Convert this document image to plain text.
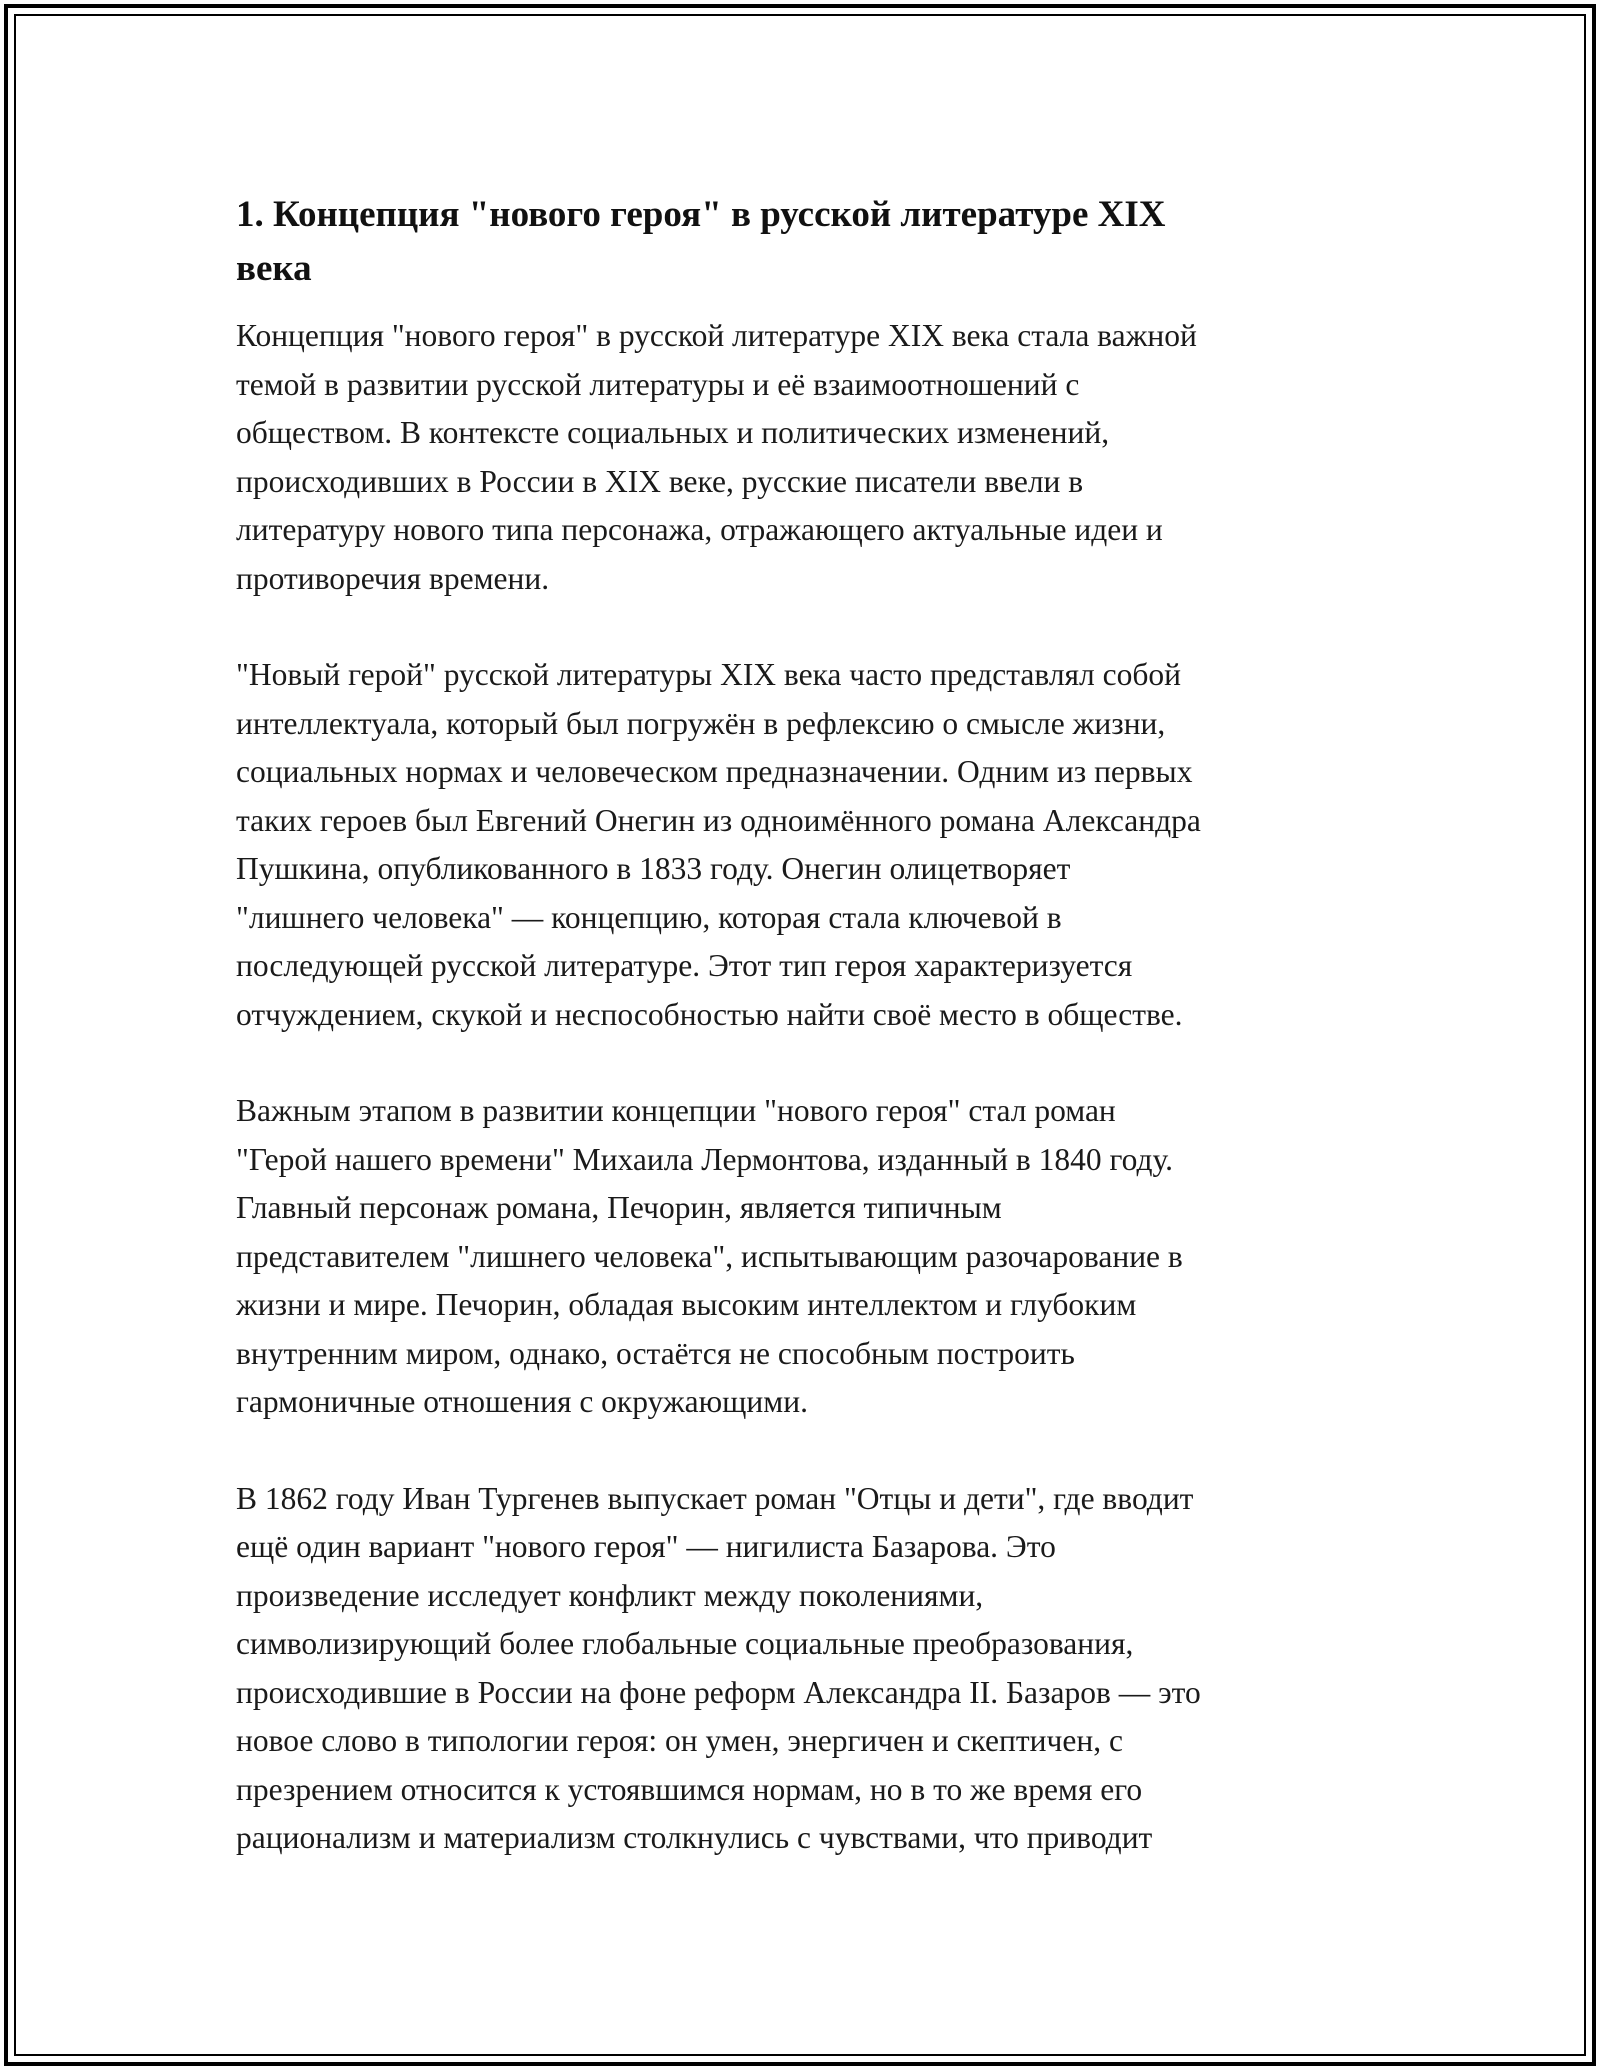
1. Концепция "нового героя" в русской литературе XIX
века

Концепция "нового героя" в русской литературе XIX века стала важной
темой в развитии русской литературы и её взаимоотношений с
обществом. В контексте социальных и политических изменений,
происходивших в России в XIX веке, русские писатели ввели в
литературу нового типа персонажа, отражающего актуальные идеи и
противоречия времени.

"Новый герой" русской литературы XIX века часто представлял собой
интеллектуала, который был погружён в рефлексию о смысле жизни,
социальных нормах и человеческом предназначении. Одним из первых
таких героев был Евгений Онегин из одноимённого романа Александра
Пушкина, опубликованного в 1833 году. Онегин олицетворяет
"лишнего человека" — концепцию, которая стала ключевой в
последующей русской литературе. Этот тип героя характеризуется
отчуждением, скукой и неспособностью найти своё место в обществе.

Важным этапом в развитии концепции "нового героя" стал роман
"Герой нашего времени" Михаила Лермонтова, изданный в 1840 году.
Главный персонаж романа, Печорин, является типичным
представителем "лишнего человека", испытывающим разочарование в
жизни и мире. Печорин, обладая высоким интеллектом и глубоким
внутренним миром, однако, остаётся не способным построить
гармоничные отношения с окружающими.

В 1862 году Иван Тургенев выпускает роман "Отцы и дети", где вводит
ещё один вариант "нового героя" — нигилиста Базарова. Это
произведение исследует конфликт между поколениями,
символизирующий более глобальные социальные преобразования,
происходившие в России на фоне реформ Александра II. Базаров — это
новое слово в типологии героя: он умен, энергичен и скептичен, с
презрением относится к устоявшимся нормам, но в то же время его
рационализм и материализм столкнулись с чувствами, что приводит
